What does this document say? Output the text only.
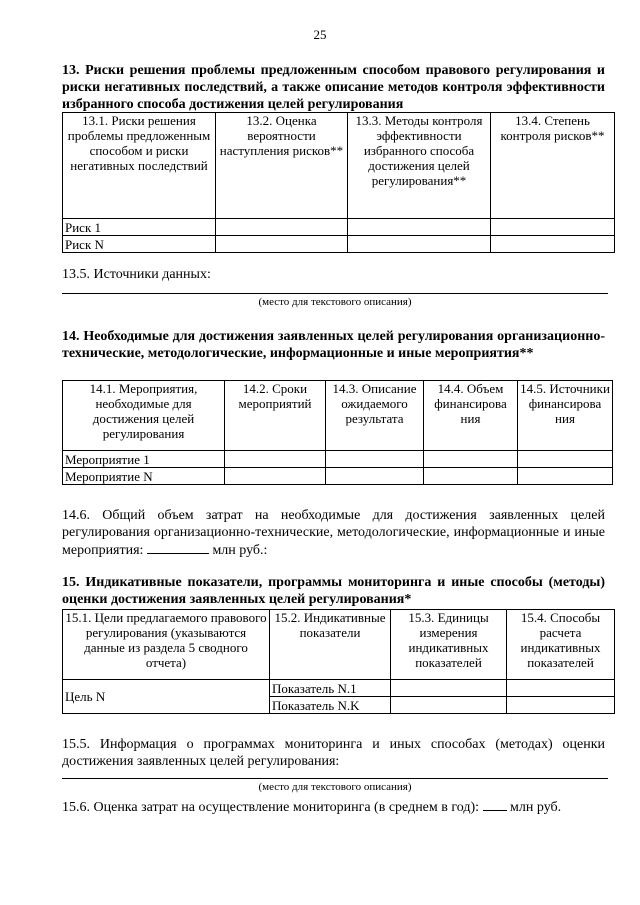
25
13. Риски решения проблемы предложенным способом правового регулирования и риски негативных последствий, а также описание методов контроля эффективности избранного способа достижения целей регулирования
13.1. Риски решения проблемы предложенным способом и риски негативных последствий	13.2. Оценка вероятности наступления рисков**	13.3. Методы контроля эффективности избранного способа достижения целей регулирования**	13.4. Степень контроля рисков**
Риск 1			
Риск N			
13.5. Источники данных:
(место для текстового описания)
14. Необходимые для достижения заявленных целей регулирования организационно-технические, методологические, информационные и иные мероприятия**
14.1. Мероприятия, необходимые для достижения целей регулирования	14.2. Сроки мероприятий	14.3. Описание ожидаемого результата	14.4. Объем финансирова ния	14.5. Источники финансирова ния
Мероприятие 1				
Мероприятие N				
14.6. Общий объем затрат на необходимые для достижения заявленных целей регулирования организационно-технические, методологические, информационные и иные мероприятия:	млн руб.:
15. Индикативные показатели, программы мониторинга и иные способы (методы) оценки достижения заявленных целей регулирования*
15.1. Цели предлагаемого правового регулирования (указываются данные из раздела 5 сводного отчета)	15.2. Индикативные показатели	15.3. Единицы измерения индикативных показателей	15.4. Способы расчета индикативных показателей
Цель N	Показатель N.1		
	Показатель N.K		
15.5. Информация о программах мониторинга и иных способах (методах) оценки достижения заявленных целей регулирования:
(место для текстового описания)
15.6. Оценка затрат на осуществление мониторинга (в среднем в год): млн руб.
